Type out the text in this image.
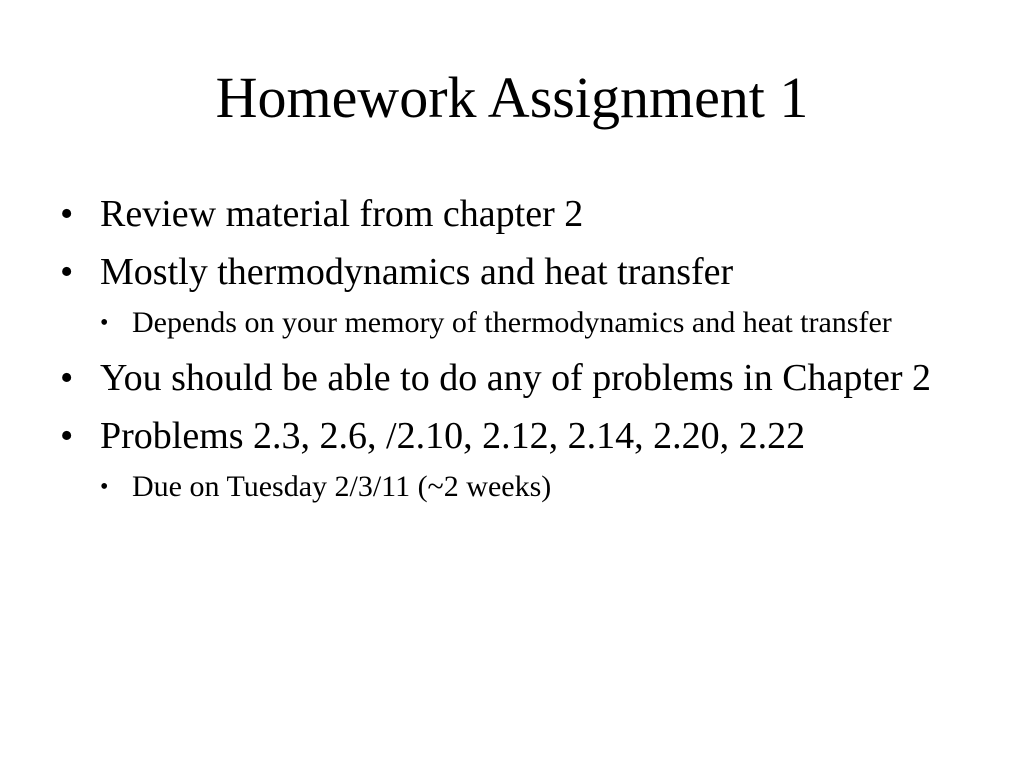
Homework Assignment 1
• Review material from chapter 2
• Mostly thermodynamics and heat transfer
• Depends on your memory of thermodynamics and heat transfer
• You should be able to do any of problems in Chapter 2
• Problems 2.3, 2.6, /2.10, 2.12, 2.14, 2.20, 2.22
• Due on Tuesday 2/3/11 (~2 weeks)
